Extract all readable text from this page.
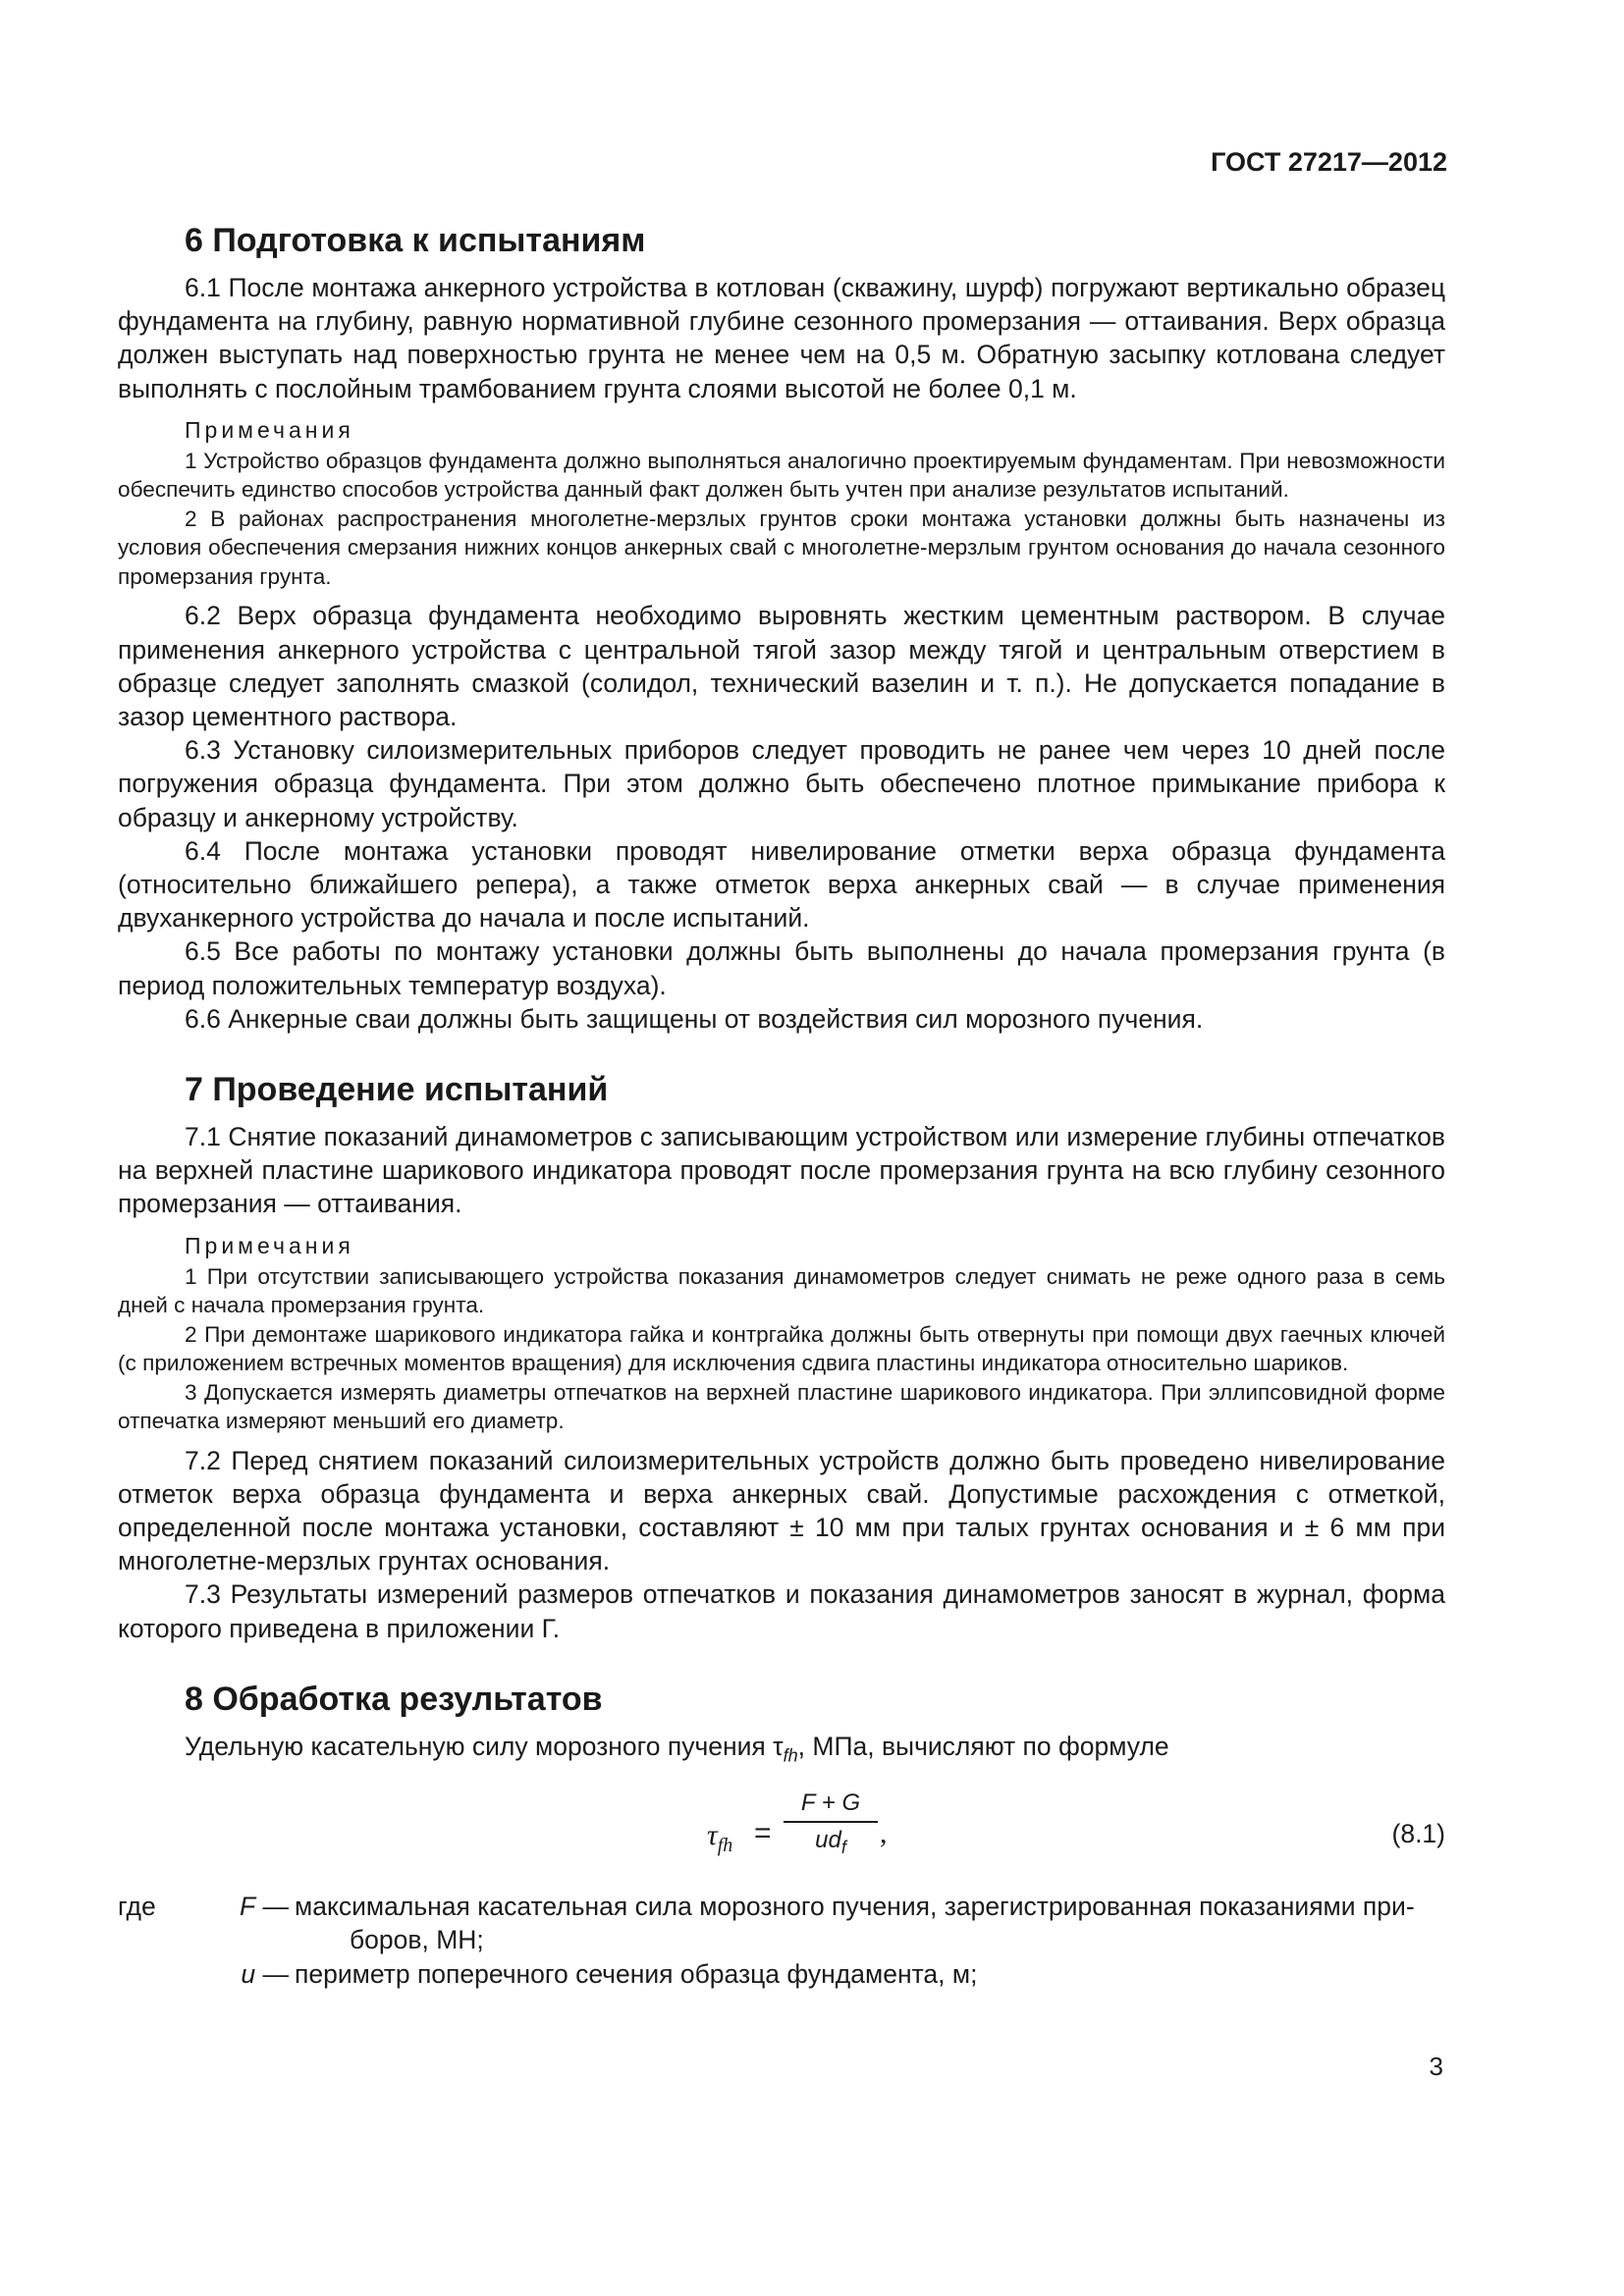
ГОСТ 27217—2012
6 Подготовка к испытаниям

6.1 После монтажа анкерного устройства в котлован (скважину, шурф) погружают вертикально образец фундамента на глубину, равную нормативной глубине сезонного промерзания — оттаивания. Верх образца должен выступать над поверхностью грунта не менее чем на 0,5 м. Обратную засыпку котлована следует выполнять с послойным трамбованием грунта слоями высотой не более 0,1 м.

Примечания

1 Устройство образцов фундамента должно выполняться аналогично проектируемым фундаментам. При невозможности обеспечить единство способов устройства данный факт должен быть учтен при анализе результатов испытаний.

2 В районах распространения многолетне-мерзлых грунтов сроки монтажа установки должны быть назначены из условия обеспечения смерзания нижних концов анкерных свай с многолетне-мерзлым грунтом основания до начала сезонного промерзания грунта.

6.2 Верх образца фундамента необходимо выровнять жестким цементным раствором. В случае применения анкерного устройства с центральной тягой зазор между тягой и центральным отверстием в образце следует заполнять смазкой (солидол, технический вазелин и т. п.). Не допускается попадание в зазор цементного раствора.

6.3 Установку силоизмерительных приборов следует проводить не ранее чем через 10 дней после погружения образца фундамента. При этом должно быть обеспечено плотное примыкание прибора к образцу и анкерному устройству.

6.4 После монтажа установки проводят нивелирование отметки верха образца фундамента (относительно ближайшего репера), а также отметок верха анкерных свай — в случае применения двуханкерного устройства до начала и после испытаний.

6.5 Все работы по монтажу установки должны быть выполнены до начала промерзания грунта (в период положительных температур воздуха).

6.6 Анкерные сваи должны быть защищены от воздействия сил морозного пучения.

7 Проведение испытаний

7.1 Снятие показаний динамометров с записывающим устройством или измерение глубины отпечатков на верхней пластине шарикового индикатора проводят после промерзания грунта на всю глубину сезонного промерзания — оттаивания.

Примечания

1 При отсутствии записывающего устройства показания динамометров следует снимать не реже одного раза в семь дней с начала промерзания грунта.

2 При демонтаже шарикового индикатора гайка и контргайка должны быть отвернуты при помощи двух гаечных ключей (с приложением встречных моментов вращения) для исключения сдвига пластины индикатора относительно шариков.

3 Допускается измерять диаметры отпечатков на верхней пластине шарикового индикатора. При эллипсовидной форме отпечатка измеряют меньший его диаметр.

7.2 Перед снятием показаний силоизмерительных устройств должно быть проведено нивелирование отметок верха образца фундамента и верха анкерных свай. Допустимые расхождения с отметкой, определенной после монтажа установки, составляют ± 10 мм при талых грунтах основания и ± 6 мм при многолетне-мерзлых грунтах основания.

7.3 Результаты измерений размеров отпечатков и показания динамометров заносят в журнал, форма которого приведена в приложении Г.

8 Обработка результатов

Удельную касательную силу морозного пучения $\tau_{fh}$, МПа, вычисляют по формуле

$\tau_{fh}$ =
F + G
$ud_f$	,	(8.1)
где	F — максимальная касательная сила морозного пучения, зарегистрированная показаниями при-
боров, МН;
u — периметр поперечного сечения образца фундамента, м;
3
